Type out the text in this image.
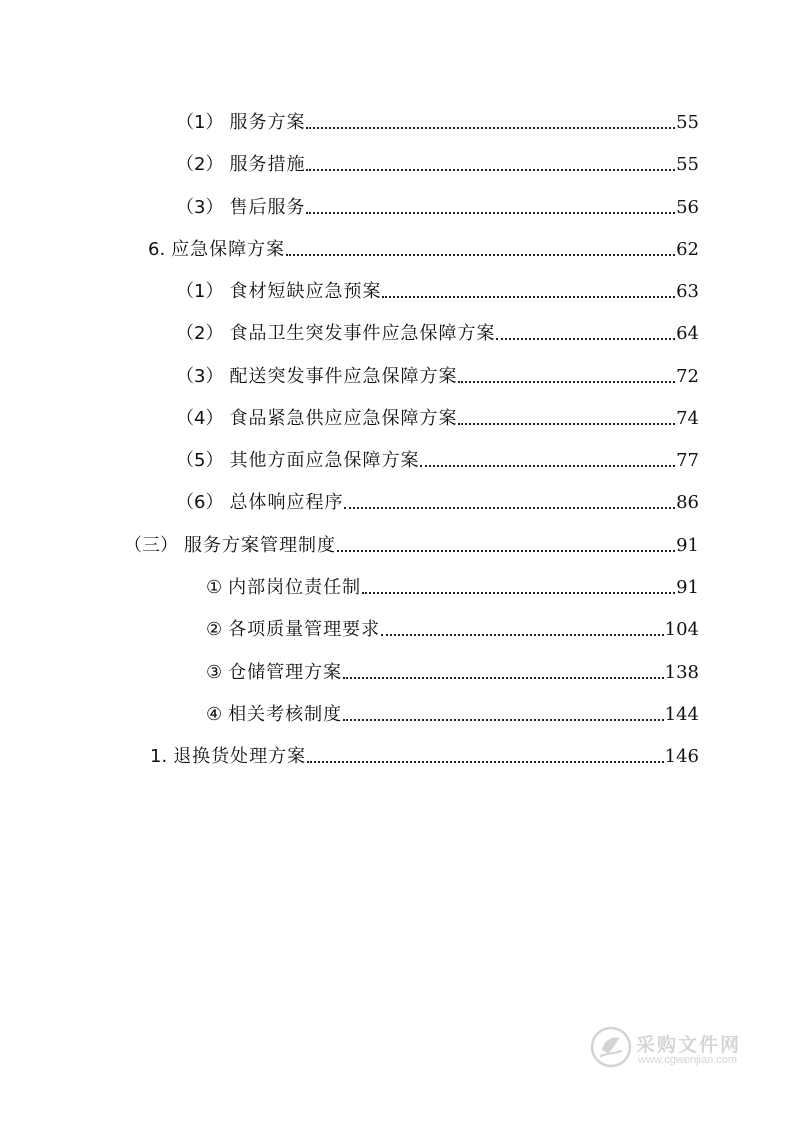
（1） 服务方案	55
（2） 服务措施	55
（3） 售后服务	56
6. 应急保障方案	62
（1） 食材短缺应急预案	63
（2） 食品卫生突发事件应急保障方案	64
（3） 配送突发事件应急保障方案	72
（4） 食品紧急供应应急保障方案	74
（5） 其他方面应急保障方案	77
（6） 总体响应程序	86
（三） 服务方案管理制度	91
① 内部岗位责任制	91
② 各项质量管理要求	104
③ 仓储管理方案	138
④ 相关考核制度	144
1. 退换货处理方案	146
采购文件网
www.cgwenjian.com
